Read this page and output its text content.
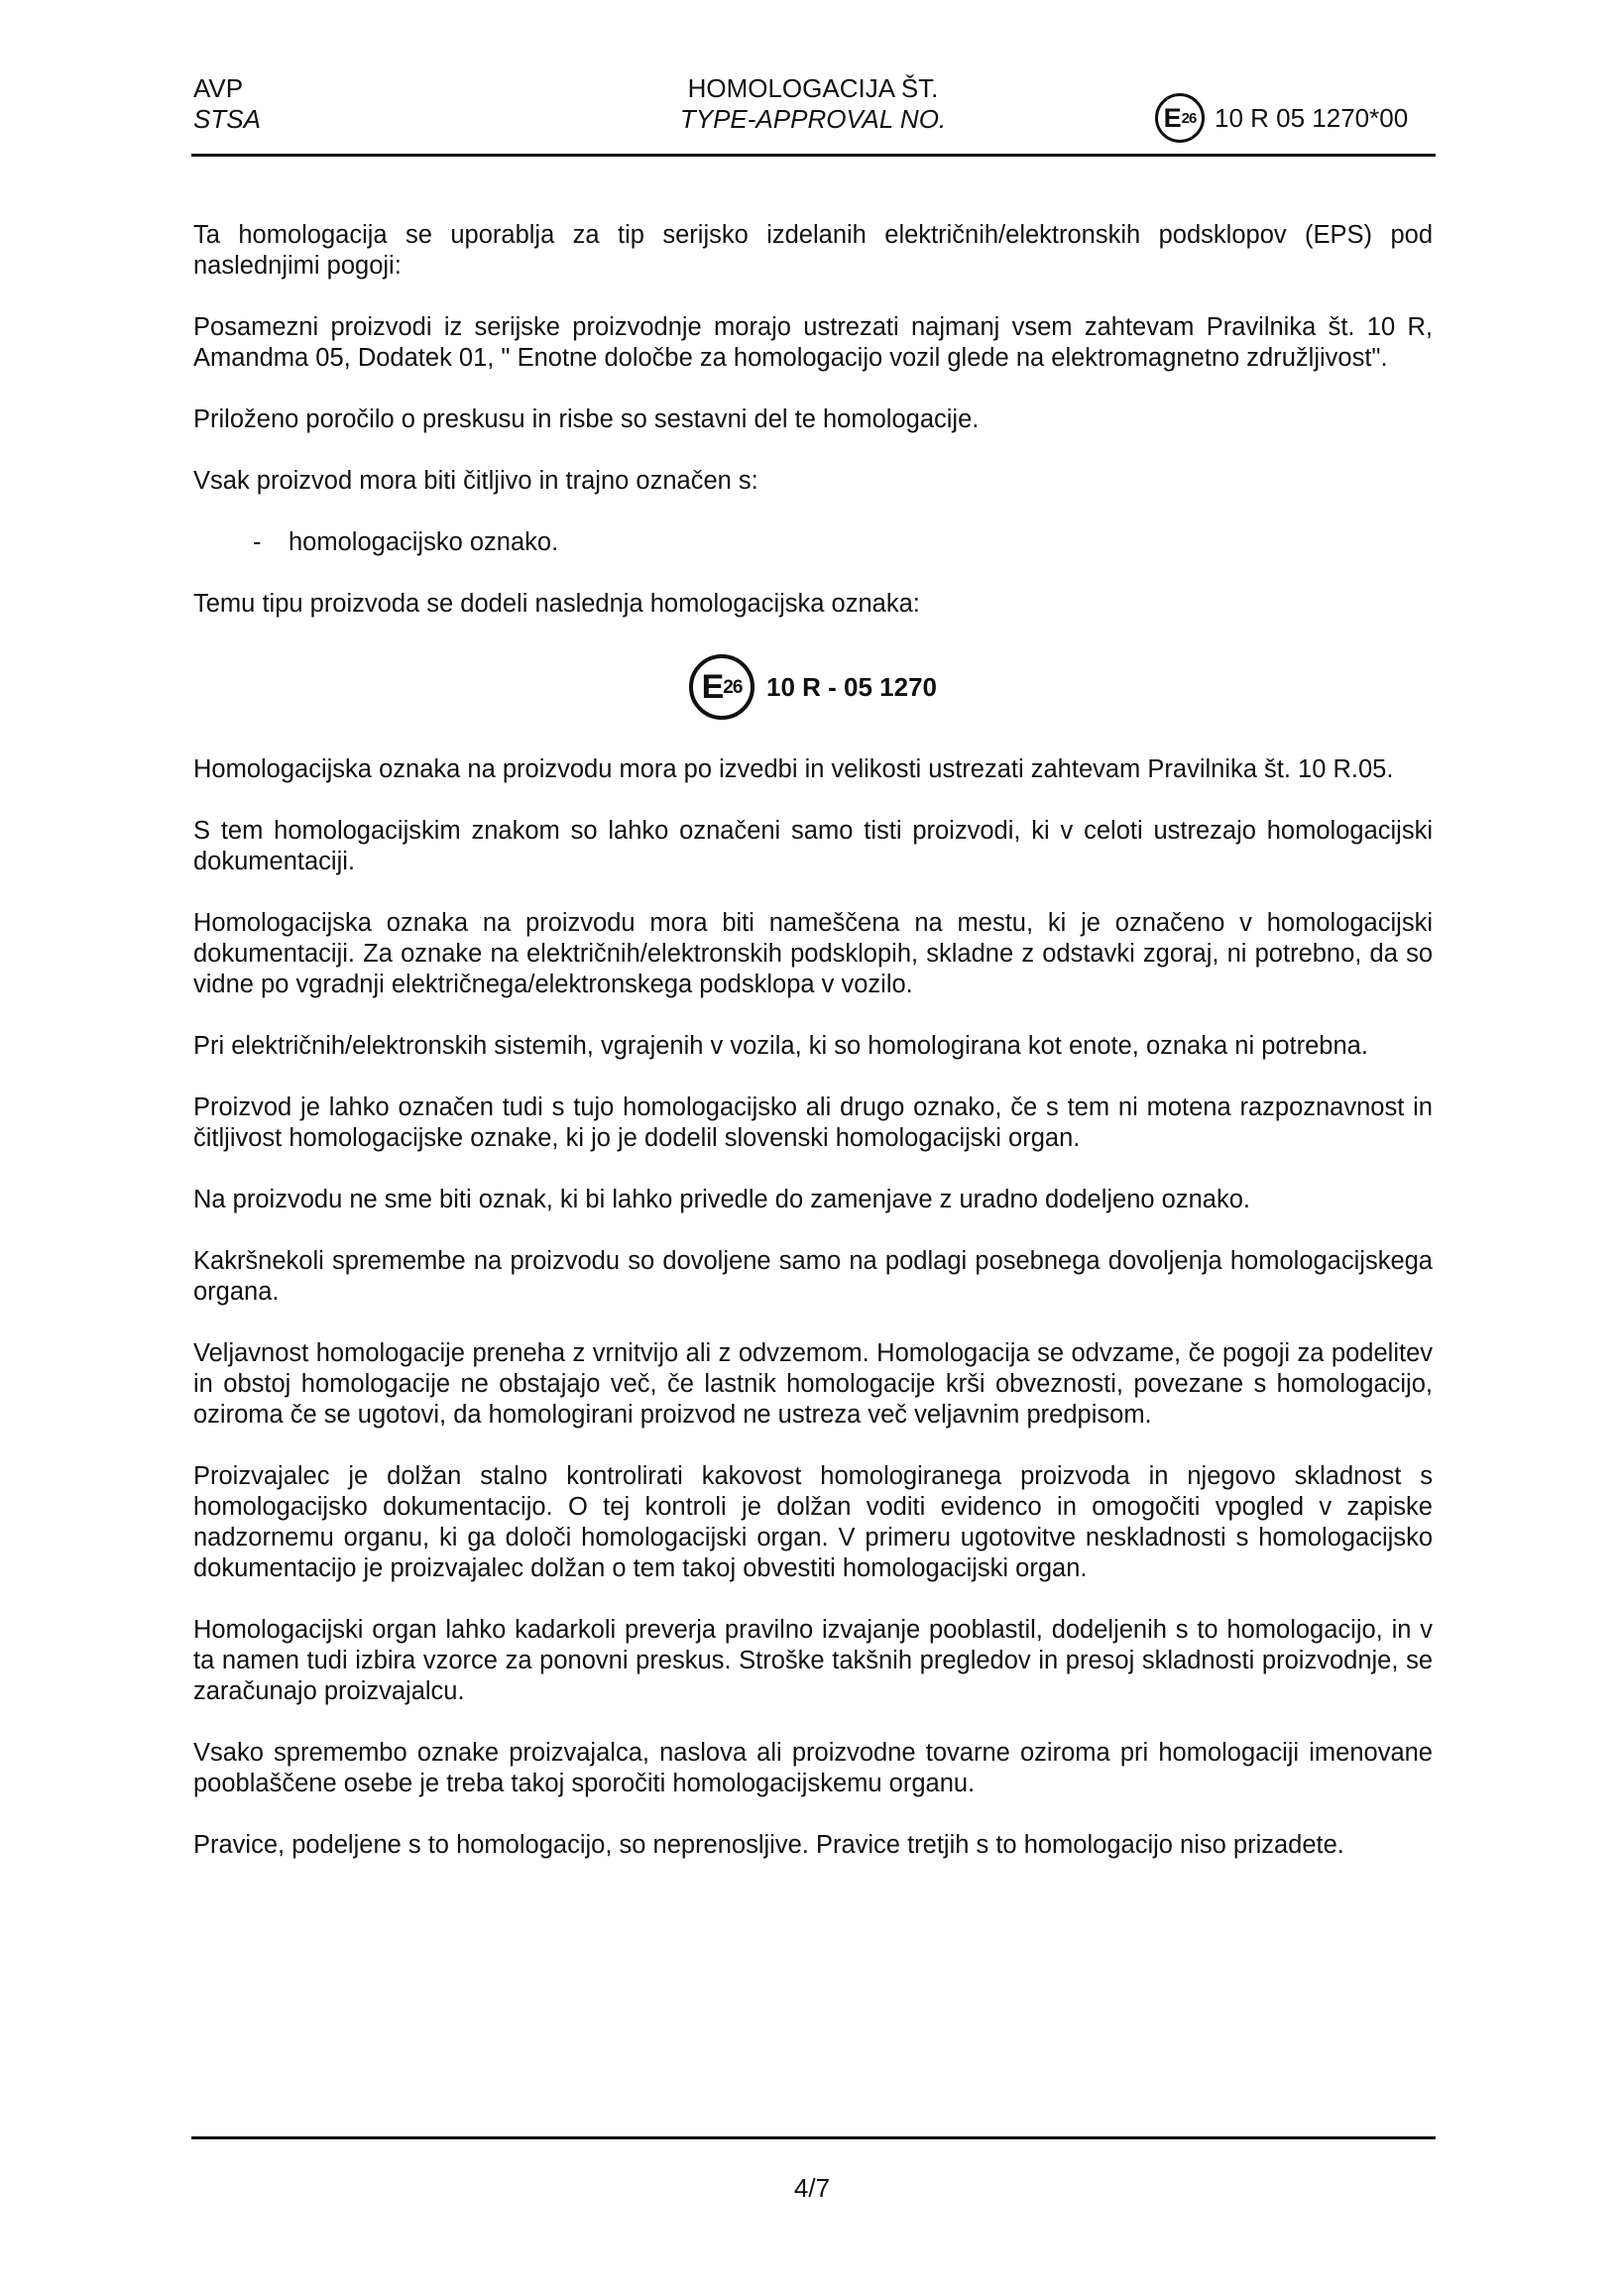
AVP
STSA
HOMOLOGACIJA ŠT.
TYPE-APPROVAL NO.	E 26 10 R 05 1270*00

Ta homologacija se uporablja za tip serijsko izdelanih električnih/elektronskih podsklopov (EPS) pod naslednjimi pogoji:

Posamezni proizvodi iz serijske proizvodnje morajo ustrezati najmanj vsem zahtevam Pravilnika št. 10 R, Amandma 05, Dodatek 01, " Enotne določbe za homologacijo vozil glede na elektromagnetno združljivost".

Priloženo poročilo o preskusu in risbe so sestavni del te homologacije.

Vsak proizvod mora biti čitljivo in trajno označen s:

- homologacijsko oznako.

Temu tipu proizvoda se dodeli naslednja homologacijska oznaka:

E 26 10 R - 05 1270

Homologacijska oznaka na proizvodu mora po izvedbi in velikosti ustrezati zahtevam Pravilnika št. 10 R.05.

S tem homologacijskim znakom so lahko označeni samo tisti proizvodi, ki v celoti ustrezajo homologacijski dokumentaciji.

Homologacijska oznaka na proizvodu mora biti nameščena na mestu, ki je označeno v homologacijski dokumentaciji. Za oznake na električnih/elektronskih podsklopih, skladne z odstavki zgoraj, ni potrebno, da so vidne po vgradnji električnega/elektronskega podsklopa v vozilo.

Pri električnih/elektronskih sistemih, vgrajenih v vozila, ki so homologirana kot enote, oznaka ni potrebna.

Proizvod je lahko označen tudi s tujo homologacijsko ali drugo oznako, če s tem ni motena razpoznavnost in čitljivost homologacijske oznake, ki jo je dodelil slovenski homologacijski organ.

Na proizvodu ne sme biti oznak, ki bi lahko privedle do zamenjave z uradno dodeljeno oznako.

Kakršnekoli spremembe na proizvodu so dovoljene samo na podlagi posebnega dovoljenja homologacijskega organa.

Veljavnost homologacije preneha z vrnitvijo ali z odvzemom. Homologacija se odvzame, če pogoji za podelitev in obstoj homologacije ne obstajajo več, če lastnik homologacije krši obveznosti, povezane s homologacijo, oziroma če se ugotovi, da homologirani proizvod ne ustreza več veljavnim predpisom.

Proizvajalec je dolžan stalno kontrolirati kakovost homologiranega proizvoda in njegovo skladnost s homologacijsko dokumentacijo. O tej kontroli je dolžan voditi evidenco in omogočiti vpogled v zapiske nadzornemu organu, ki ga določi homologacijski organ. V primeru ugotovitve neskladnosti s homologacijsko dokumentacijo je proizvajalec dolžan o tem takoj obvestiti homologacijski organ.

Homologacijski organ lahko kadarkoli preverja pravilno izvajanje pooblastil, dodeljenih s to homologacijo, in v ta namen tudi izbira vzorce za ponovni preskus. Stroške takšnih pregledov in presoj skladnosti proizvodnje, se zaračunajo proizvajalcu.

Vsako spremembo oznake proizvajalca, naslova ali proizvodne tovarne oziroma pri homologaciji imenovane pooblaščene osebe je treba takoj sporočiti homologacijskemu organu.

Pravice, podeljene s to homologacijo, so neprenosljive. Pravice tretjih s to homologacijo niso prizadete.

4/7
